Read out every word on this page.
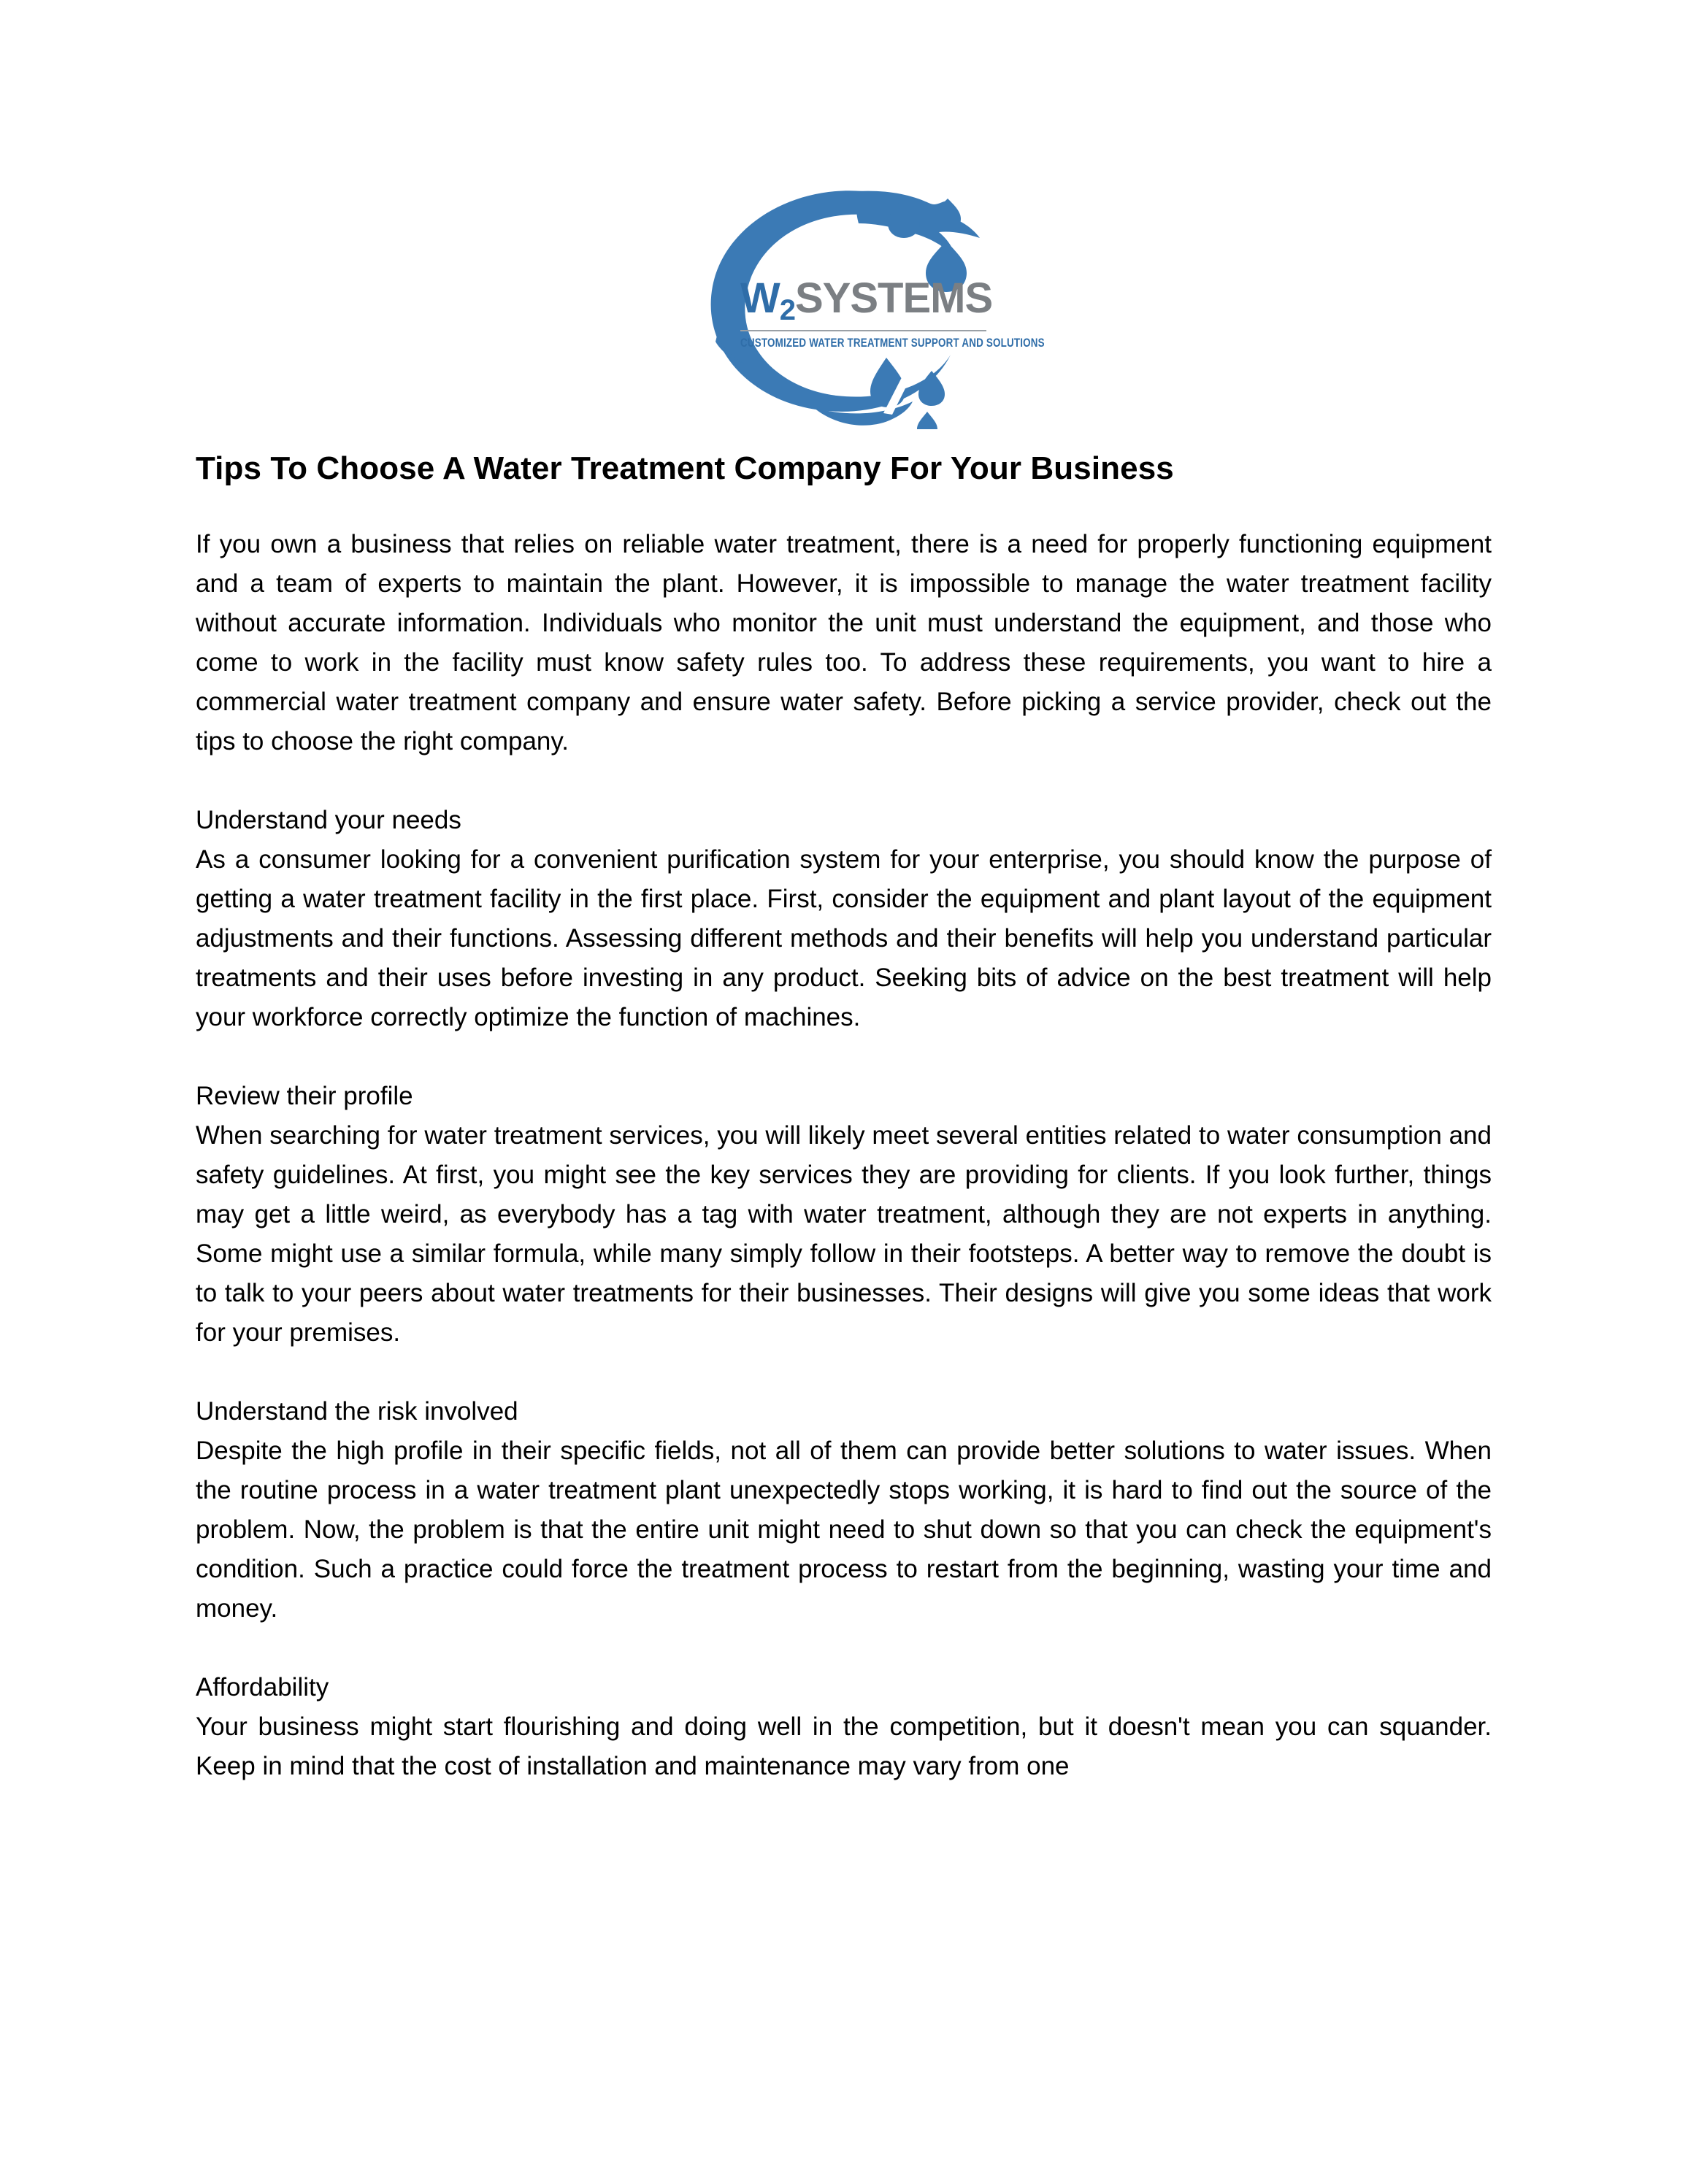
W2SYSTEMS
CUSTOMIZED WATER TREATMENT SUPPORT AND SOLUTIONS
Tips To Choose A Water Treatment Company For Your Business

If you own a business that relies on reliable water treatment, there is a need for properly functioning equipment and a team of experts to maintain the plant. However, it is impossible to manage the water treatment facility without accurate information. Individuals who monitor the unit must understand the equipment, and those who come to work in the facility must know safety rules too. To address these requirements, you want to hire a commercial water treatment company and ensure water safety. Before picking a service provider, check out the tips to choose the right company.

Understand your needs

As a consumer looking for a convenient purification system for your enterprise, you should know the purpose of getting a water treatment facility in the first place. First, consider the equipment and plant layout of the equipment adjustments and their functions. Assessing different methods and their benefits will help you understand particular treatments and their uses before investing in any product. Seeking bits of advice on the best treatment will help your workforce correctly optimize the function of machines.

Review their profile

When searching for water treatment services, you will likely meet several entities related to water consumption and safety guidelines. At first, you might see the key services they are providing for clients. If you look further, things may get a little weird, as everybody has a tag with water treatment, although they are not experts in anything. Some might use a similar formula, while many simply follow in their footsteps. A better way to remove the doubt is to talk to your peers about water treatments for their businesses. Their designs will give you some ideas that work for your premises.

Understand the risk involved

Despite the high profile in their specific fields, not all of them can provide better solutions to water issues. When the routine process in a water treatment plant unexpectedly stops working, it is hard to find out the source of the problem. Now, the problem is that the entire unit might need to shut down so that you can check the equipment's condition. Such a practice could force the treatment process to restart from the beginning, wasting your time and money.

Affordability

Your business might start flourishing and doing well in the competition, but it doesn't mean you can squander. Keep in mind that the cost of installation and maintenance may vary from one
